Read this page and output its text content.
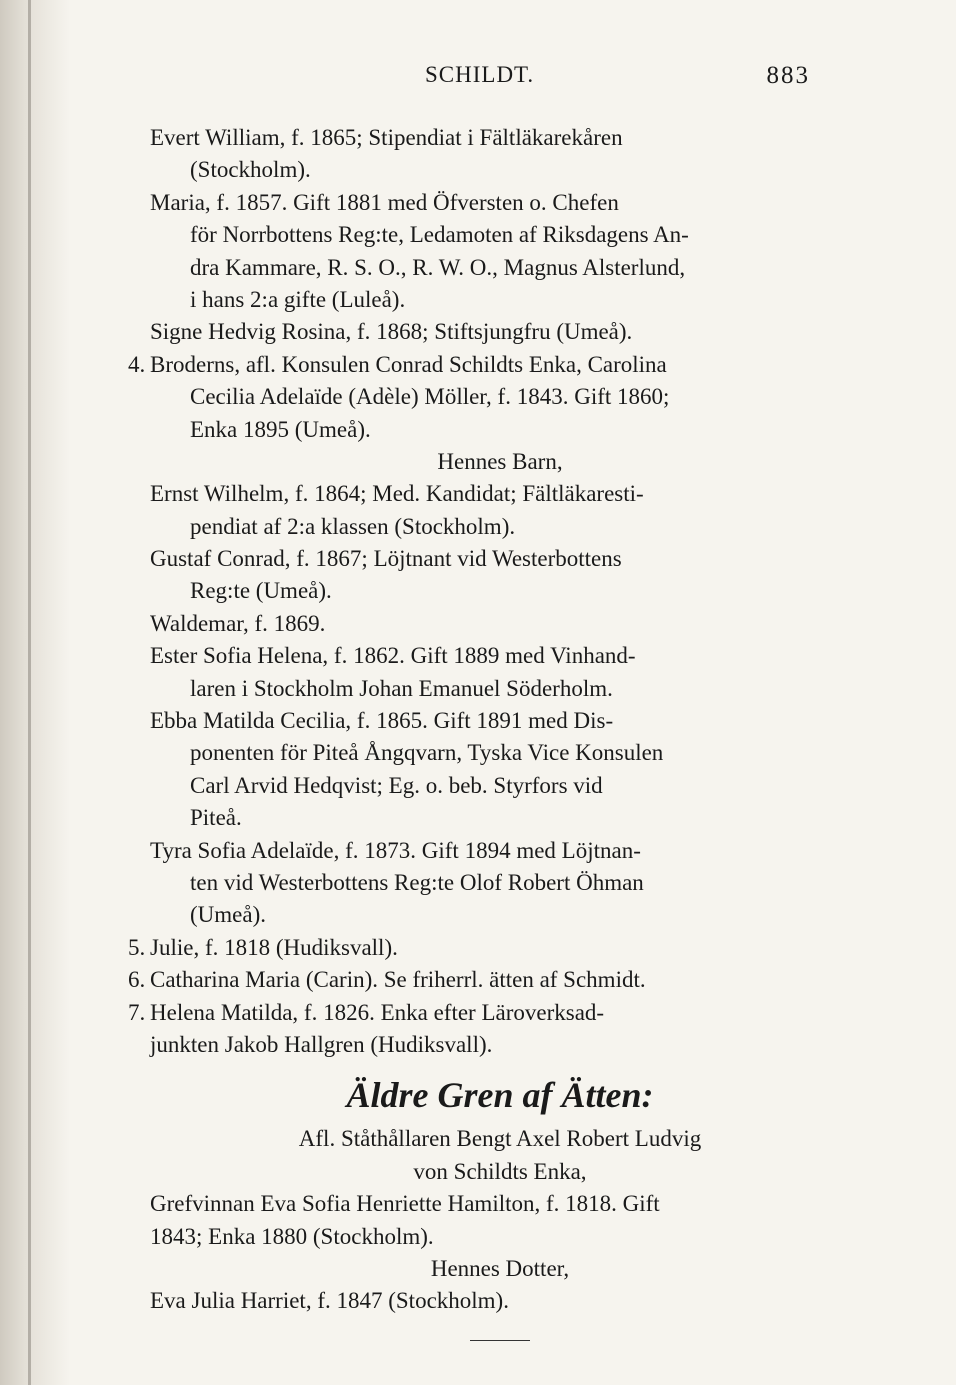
SCHILDT.	883
Evert William, f. 1865; Stipendiat i Fältläkarekåren
(Stockholm).
Maria, f. 1857. Gift 1881 med Öfversten o. Chefen
för Norrbottens Reg:te, Ledamoten af Riksdagens An-
dra Kammare, R. S. O., R. W. O., Magnus Alsterlund,
i hans 2:a gifte (Luleå).
Signe Hedvig Rosina, f. 1868; Stiftsjungfru (Umeå).
4. Broderns, afl. Konsulen Conrad Schildts Enka, Carolina
Cecilia Adelaïde (Adèle) Möller, f. 1843. Gift 1860;
Enka 1895 (Umeå).
Hennes Barn,
Ernst Wilhelm, f. 1864; Med. Kandidat; Fältläkaresti-
pendiat af 2:a klassen (Stockholm).
Gustaf Conrad, f. 1867; Löjtnant vid Westerbottens
Reg:te (Umeå).
Waldemar, f. 1869.
Ester Sofia Helena, f. 1862. Gift 1889 med Vinhand-
laren i Stockholm Johan Emanuel Söderholm.
Ebba Matilda Cecilia, f. 1865. Gift 1891 med Dis-
ponenten för Piteå Ångqvarn, Tyska Vice Konsulen
Carl Arvid Hedqvist; Eg. o. beb. Styrfors vid
Piteå.
Tyra Sofia Adelaïde, f. 1873. Gift 1894 med Löjtnan-
ten vid Westerbottens Reg:te Olof Robert Öhman
(Umeå).
5. Julie, f. 1818 (Hudiksvall).
6. Catharina Maria (Carin). Se friherrl. ätten af Schmidt.
7. Helena Matilda, f. 1826. Enka efter Läroverksad-
junkten Jakob Hallgren (Hudiksvall).
Äldre Gren af Ätten:
Afl. Ståthållaren Bengt Axel Robert Ludvig
von Schildts Enka,
Grefvinnan Eva Sofia Henriette Hamilton, f. 1818. Gift
1843; Enka 1880 (Stockholm).
Hennes Dotter,
Eva Julia Harriet, f. 1847 (Stockholm).
